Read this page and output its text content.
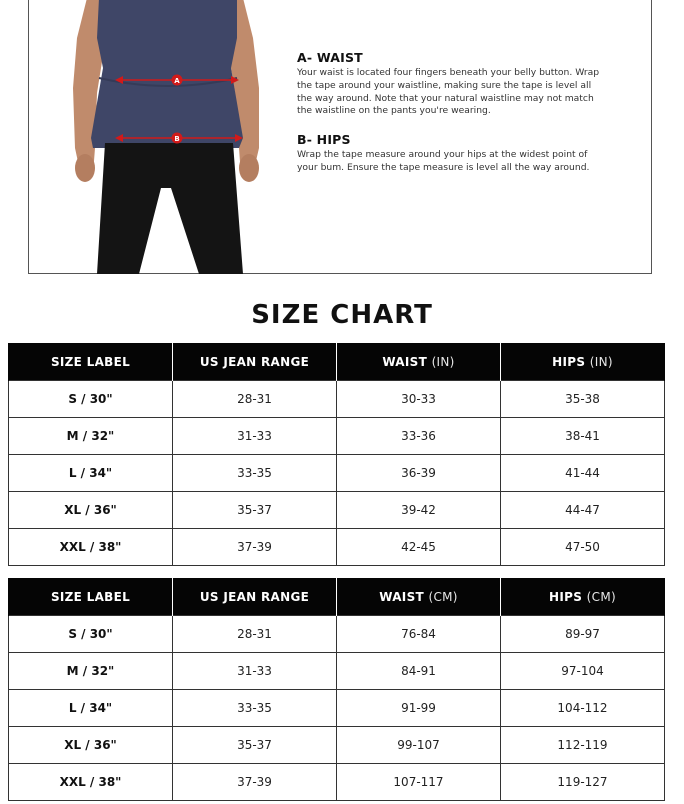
A
B
A- WAIST

Your waist is located four fingers beneath your belly button. Wrap the tape around your waistline, making sure the tape is level all the way around. Note that your natural waistline may not match the waistline on the pants you're wearing.

B- HIPS

Wrap the tape measure around your hips at the widest point of your bum. Ensure the tape measure is level all the way around.

SIZE CHART
SIZE LABEL	US JEAN RANGE	WAIST (IN)	HIPS (IN)
S / 30"	28-31	30-33	35-38
M / 32"	31-33	33-36	38-41
L / 34"	33-35	36-39	41-44
XL / 36"	35-37	39-42	44-47
XXL / 38"	37-39	42-45	47-50
SIZE LABEL	US JEAN RANGE	WAIST (CM)	HIPS (CM)
S / 30"	28-31	76-84	89-97
M / 32"	31-33	84-91	97-104
L / 34"	33-35	91-99	104-112
XL / 36"	35-37	99-107	112-119
XXL / 38"	37-39	107-117	119-127
